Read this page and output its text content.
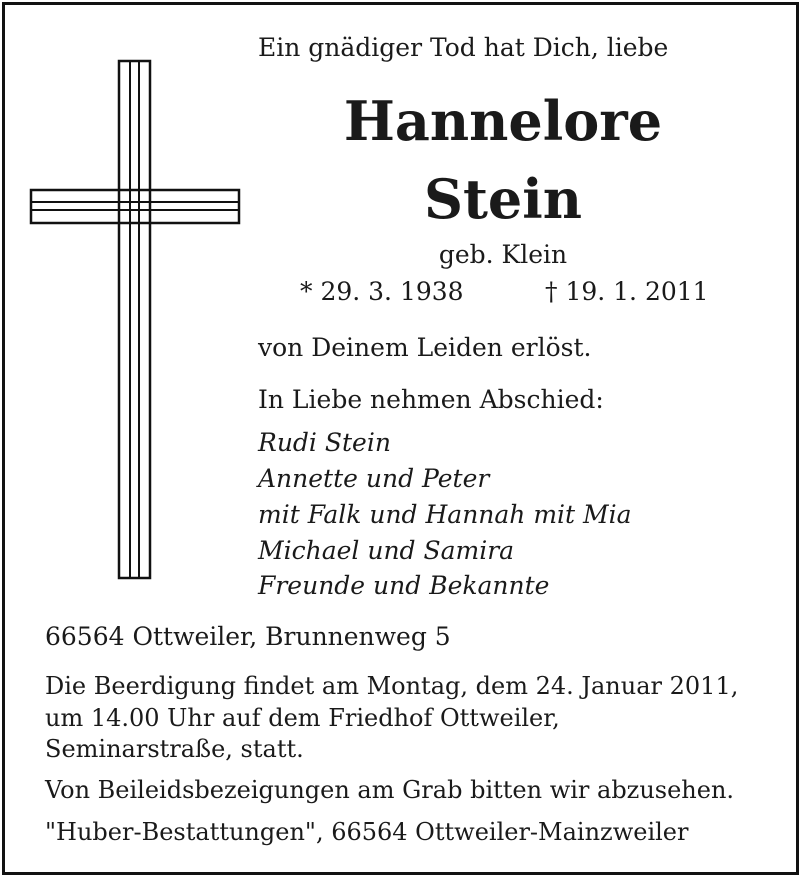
Ein gnädiger Tod hat Dich, liebe
Hannelore
Stein
geb. Klein
* 29. 3. 1938	† 19. 1. 2011
von Deinem Leiden erlöst.
In Liebe nehmen Abschied:
Rudi Stein
Annette und Peter
mit Falk und Hannah mit Mia
Michael und Samira
Freunde und Bekannte
66564 Ottweiler, Brunnenweg 5
Die Beerdigung findet am Montag, dem 24. Januar 2011,
um 14.00 Uhr auf dem Friedhof Ottweiler,
Seminarstraße, statt.
Von Beileidsbezeigungen am Grab bitten wir abzusehen.
"Huber-Bestattungen", 66564 Ottweiler-Mainzweiler
